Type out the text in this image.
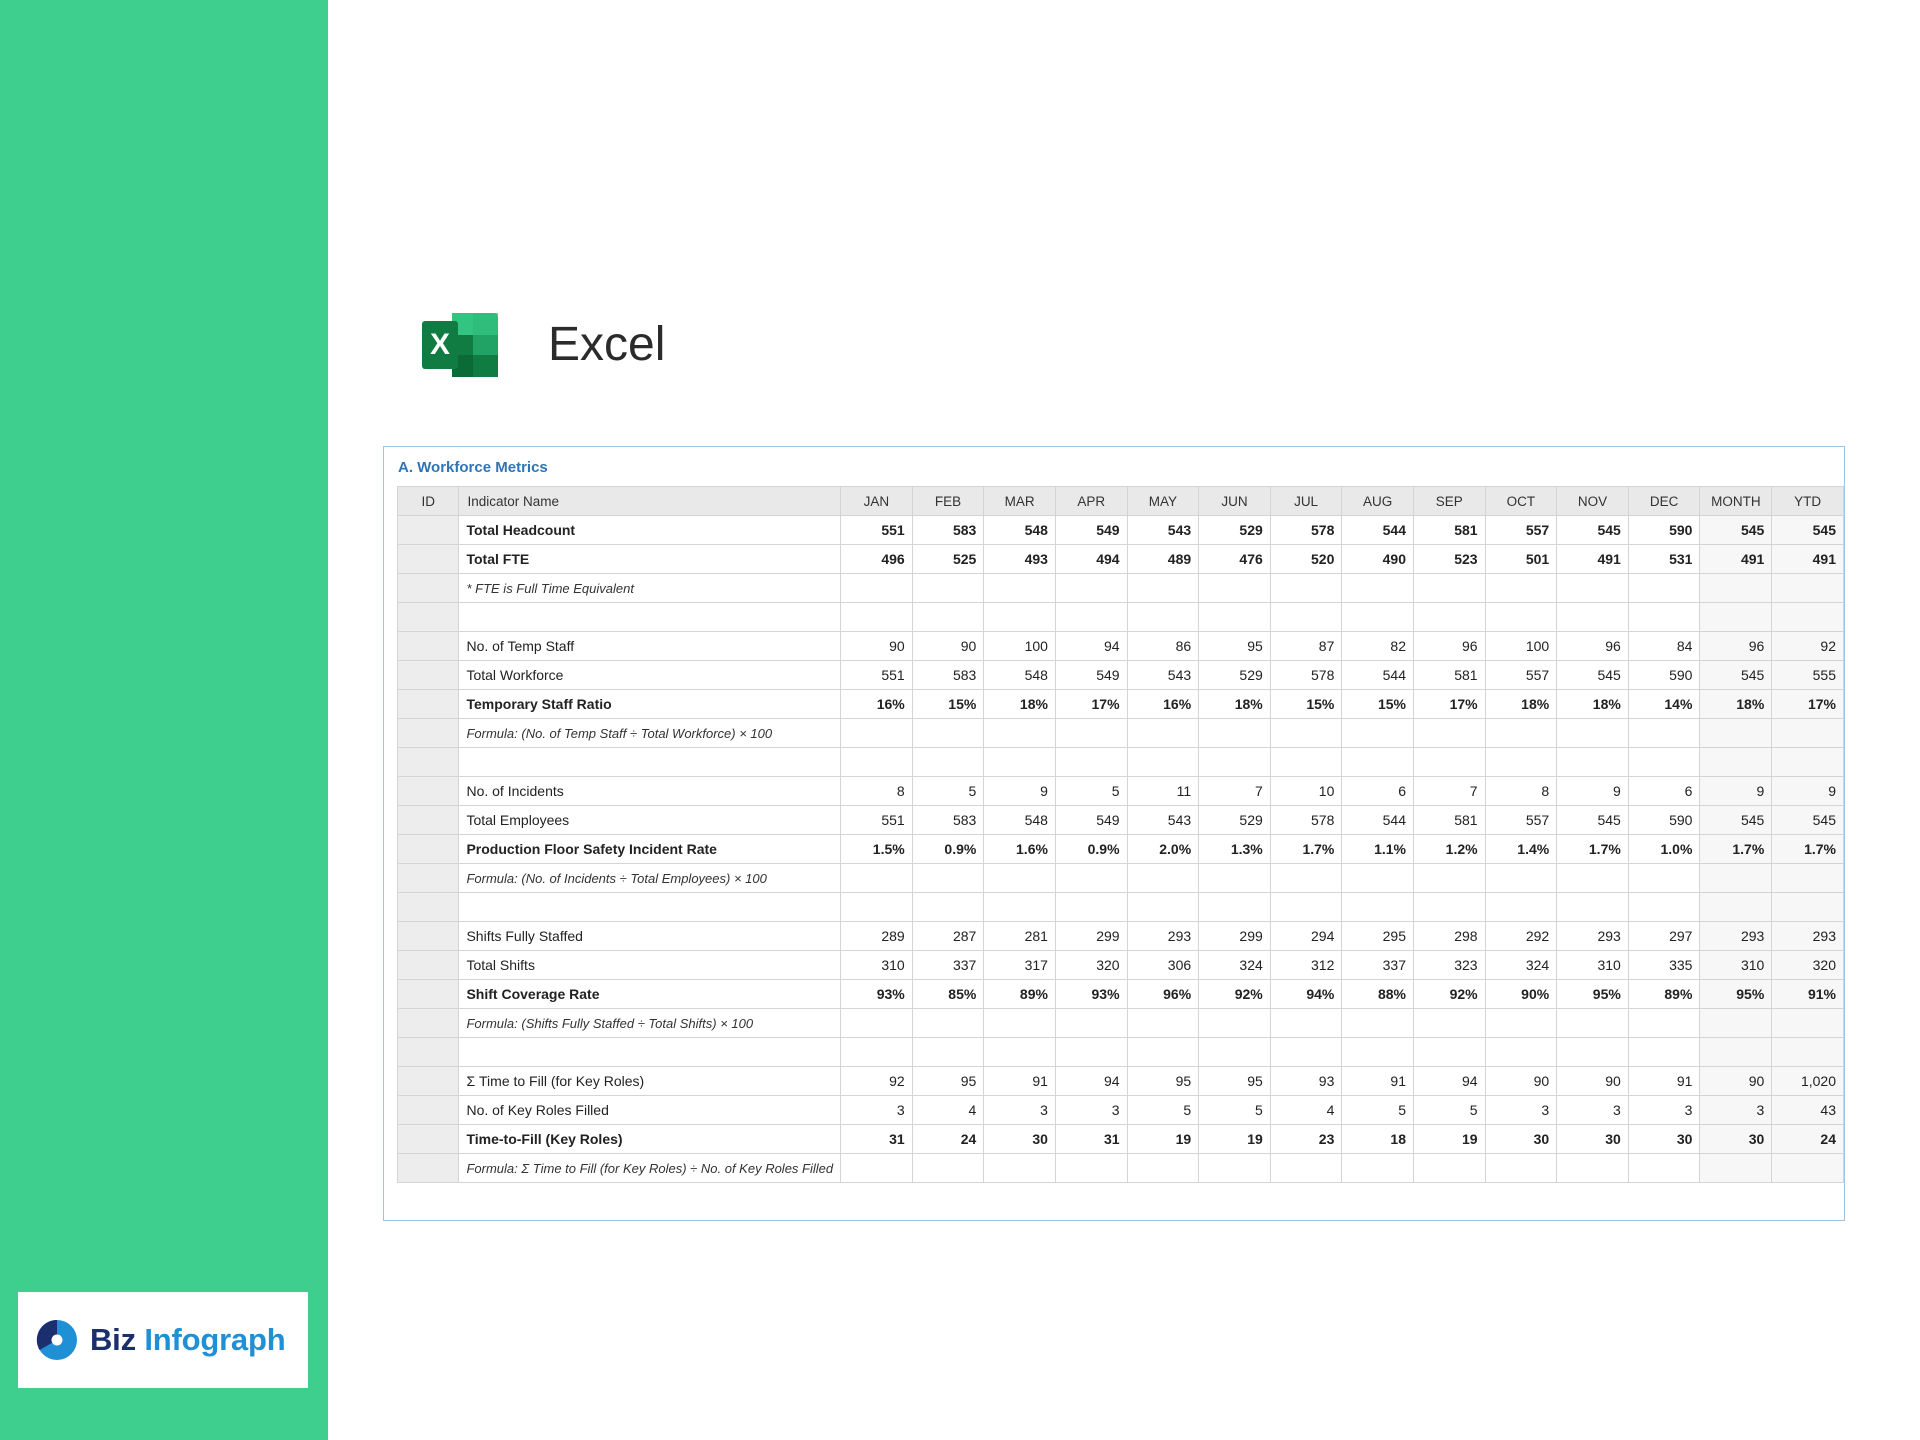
Biz Infograph
X Excel
A. Workforce Metrics
ID	Indicator Name	JAN	FEB	MAR	APR	MAY	JUN	JUL	AUG	SEP	OCT	NOV	DEC	MONTH	YTD
	Total Headcount	551	583	548	549	543	529	578	544	581	557	545	590	545	545
	Total FTE	496	525	493	494	489	476	520	490	523	501	491	531	491	491
	* FTE is Full Time Equivalent														

	No. of Temp Staff	90	90	100	94	86	95	87	82	96	100	96	84	96	92
	Total Workforce	551	583	548	549	543	529	578	544	581	557	545	590	545	555
	Temporary Staff Ratio	16%	15%	18%	17%	16%	18%	15%	15%	17%	18%	18%	14%	18%	17%
	Formula: (No. of Temp Staff ÷ Total Workforce) × 100														

	No. of Incidents	8	5	9	5	11	7	10	6	7	8	9	6	9	9
	Total Employees	551	583	548	549	543	529	578	544	581	557	545	590	545	545
	Production Floor Safety Incident Rate	1.5%	0.9%	1.6%	0.9%	2.0%	1.3%	1.7%	1.1%	1.2%	1.4%	1.7%	1.0%	1.7%	1.7%
	Formula: (No. of Incidents ÷ Total Employees) × 100														

	Shifts Fully Staffed	289	287	281	299	293	299	294	295	298	292	293	297	293	293
	Total Shifts	310	337	317	320	306	324	312	337	323	324	310	335	310	320
	Shift Coverage Rate	93%	85%	89%	93%	96%	92%	94%	88%	92%	90%	95%	89%	95%	91%
	Formula: (Shifts Fully Staffed ÷ Total Shifts) × 100														

	Σ Time to Fill (for Key Roles)	92	95	91	94	95	95	93	91	94	90	90	91	90	1,020
	No. of Key Roles Filled	3	4	3	3	5	5	4	5	5	3	3	3	3	43
	Time-to-Fill (Key Roles)	31	24	30	31	19	19	23	18	19	30	30	30	30	24
	Formula: Σ Time to Fill (for Key Roles) ÷ No. of Key Roles Filled														
